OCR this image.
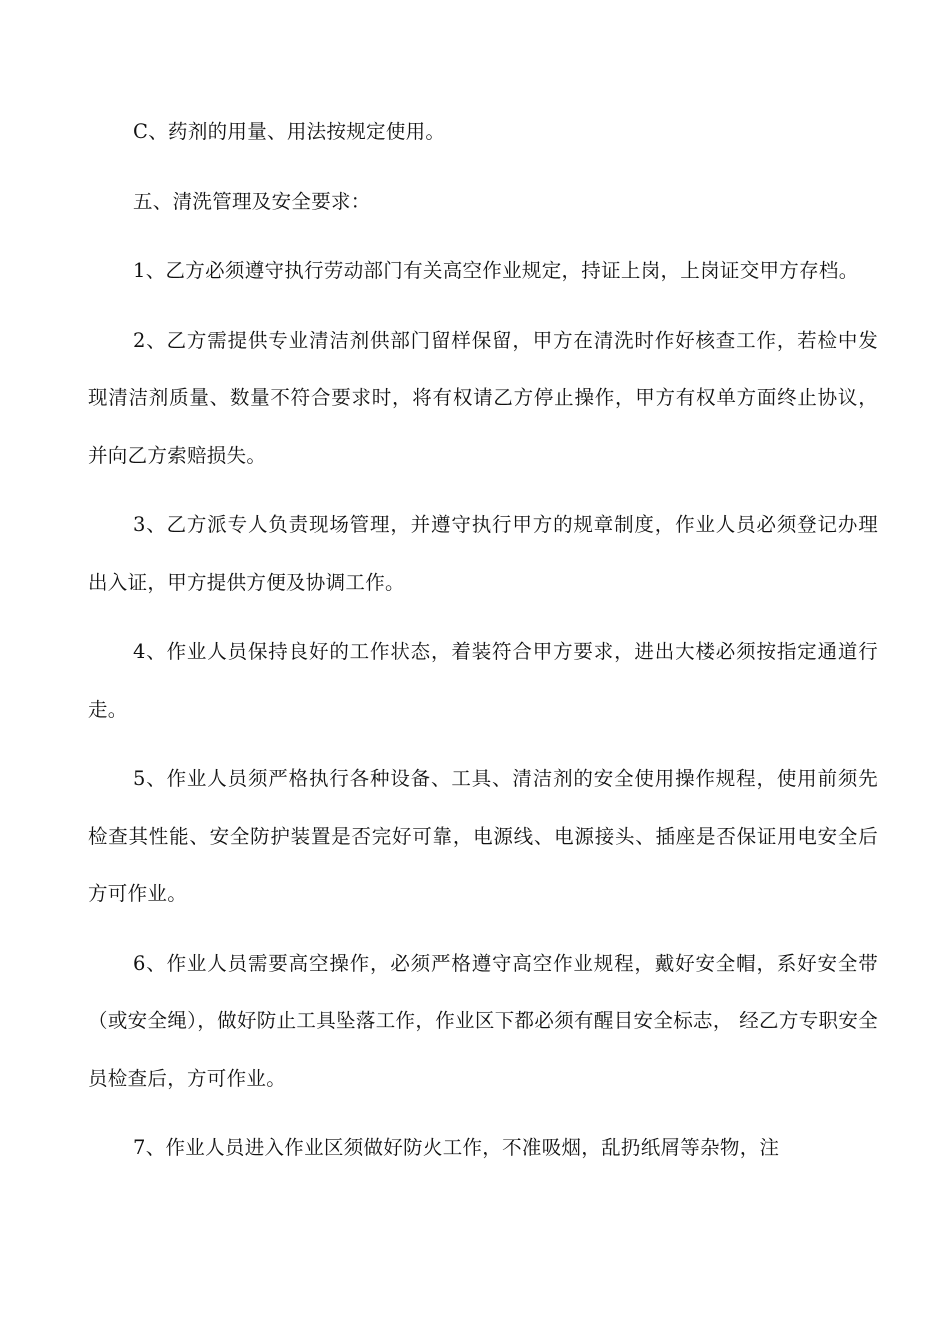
C、药剂的用量、用法按规定使用。

五、清洗管理及安全要求：

1、乙方必须遵守执行劳动部门有关高空作业规定，持证上岗，上岗证交甲方存档。

2、乙方需提供专业清洁剂供部门留样保留，甲方在清洗时作好核查工作，若检中发现清洁剂质量、数量不符合要求时，将有权请乙方停止操作，甲方有权单方面终止协议，并向乙方索赔损失。

3、乙方派专人负责现场管理，并遵守执行甲方的规章制度，作业人员必须登记办理出入证，甲方提供方便及协调工作。

4、作业人员保持良好的工作状态，着装符合甲方要求，进出大楼必须按指定通道行走。

5、作业人员须严格执行各种设备、工具、清洁剂的安全使用操作规程，使用前须先检查其性能、安全防护装置是否完好可靠，电源线、电源接头、插座是否保证用电安全后方可作业。

6、作业人员需要高空操作，必须严格遵守高空作业规程，戴好安全帽，系好安全带（或安全绳），做好防止工具坠落工作，作业区下都必须有醒目安全标志， 经乙方专职安全员检查后，方可作业。

7、作业人员进入作业区须做好防火工作，不准吸烟，乱扔纸屑等杂物，注
